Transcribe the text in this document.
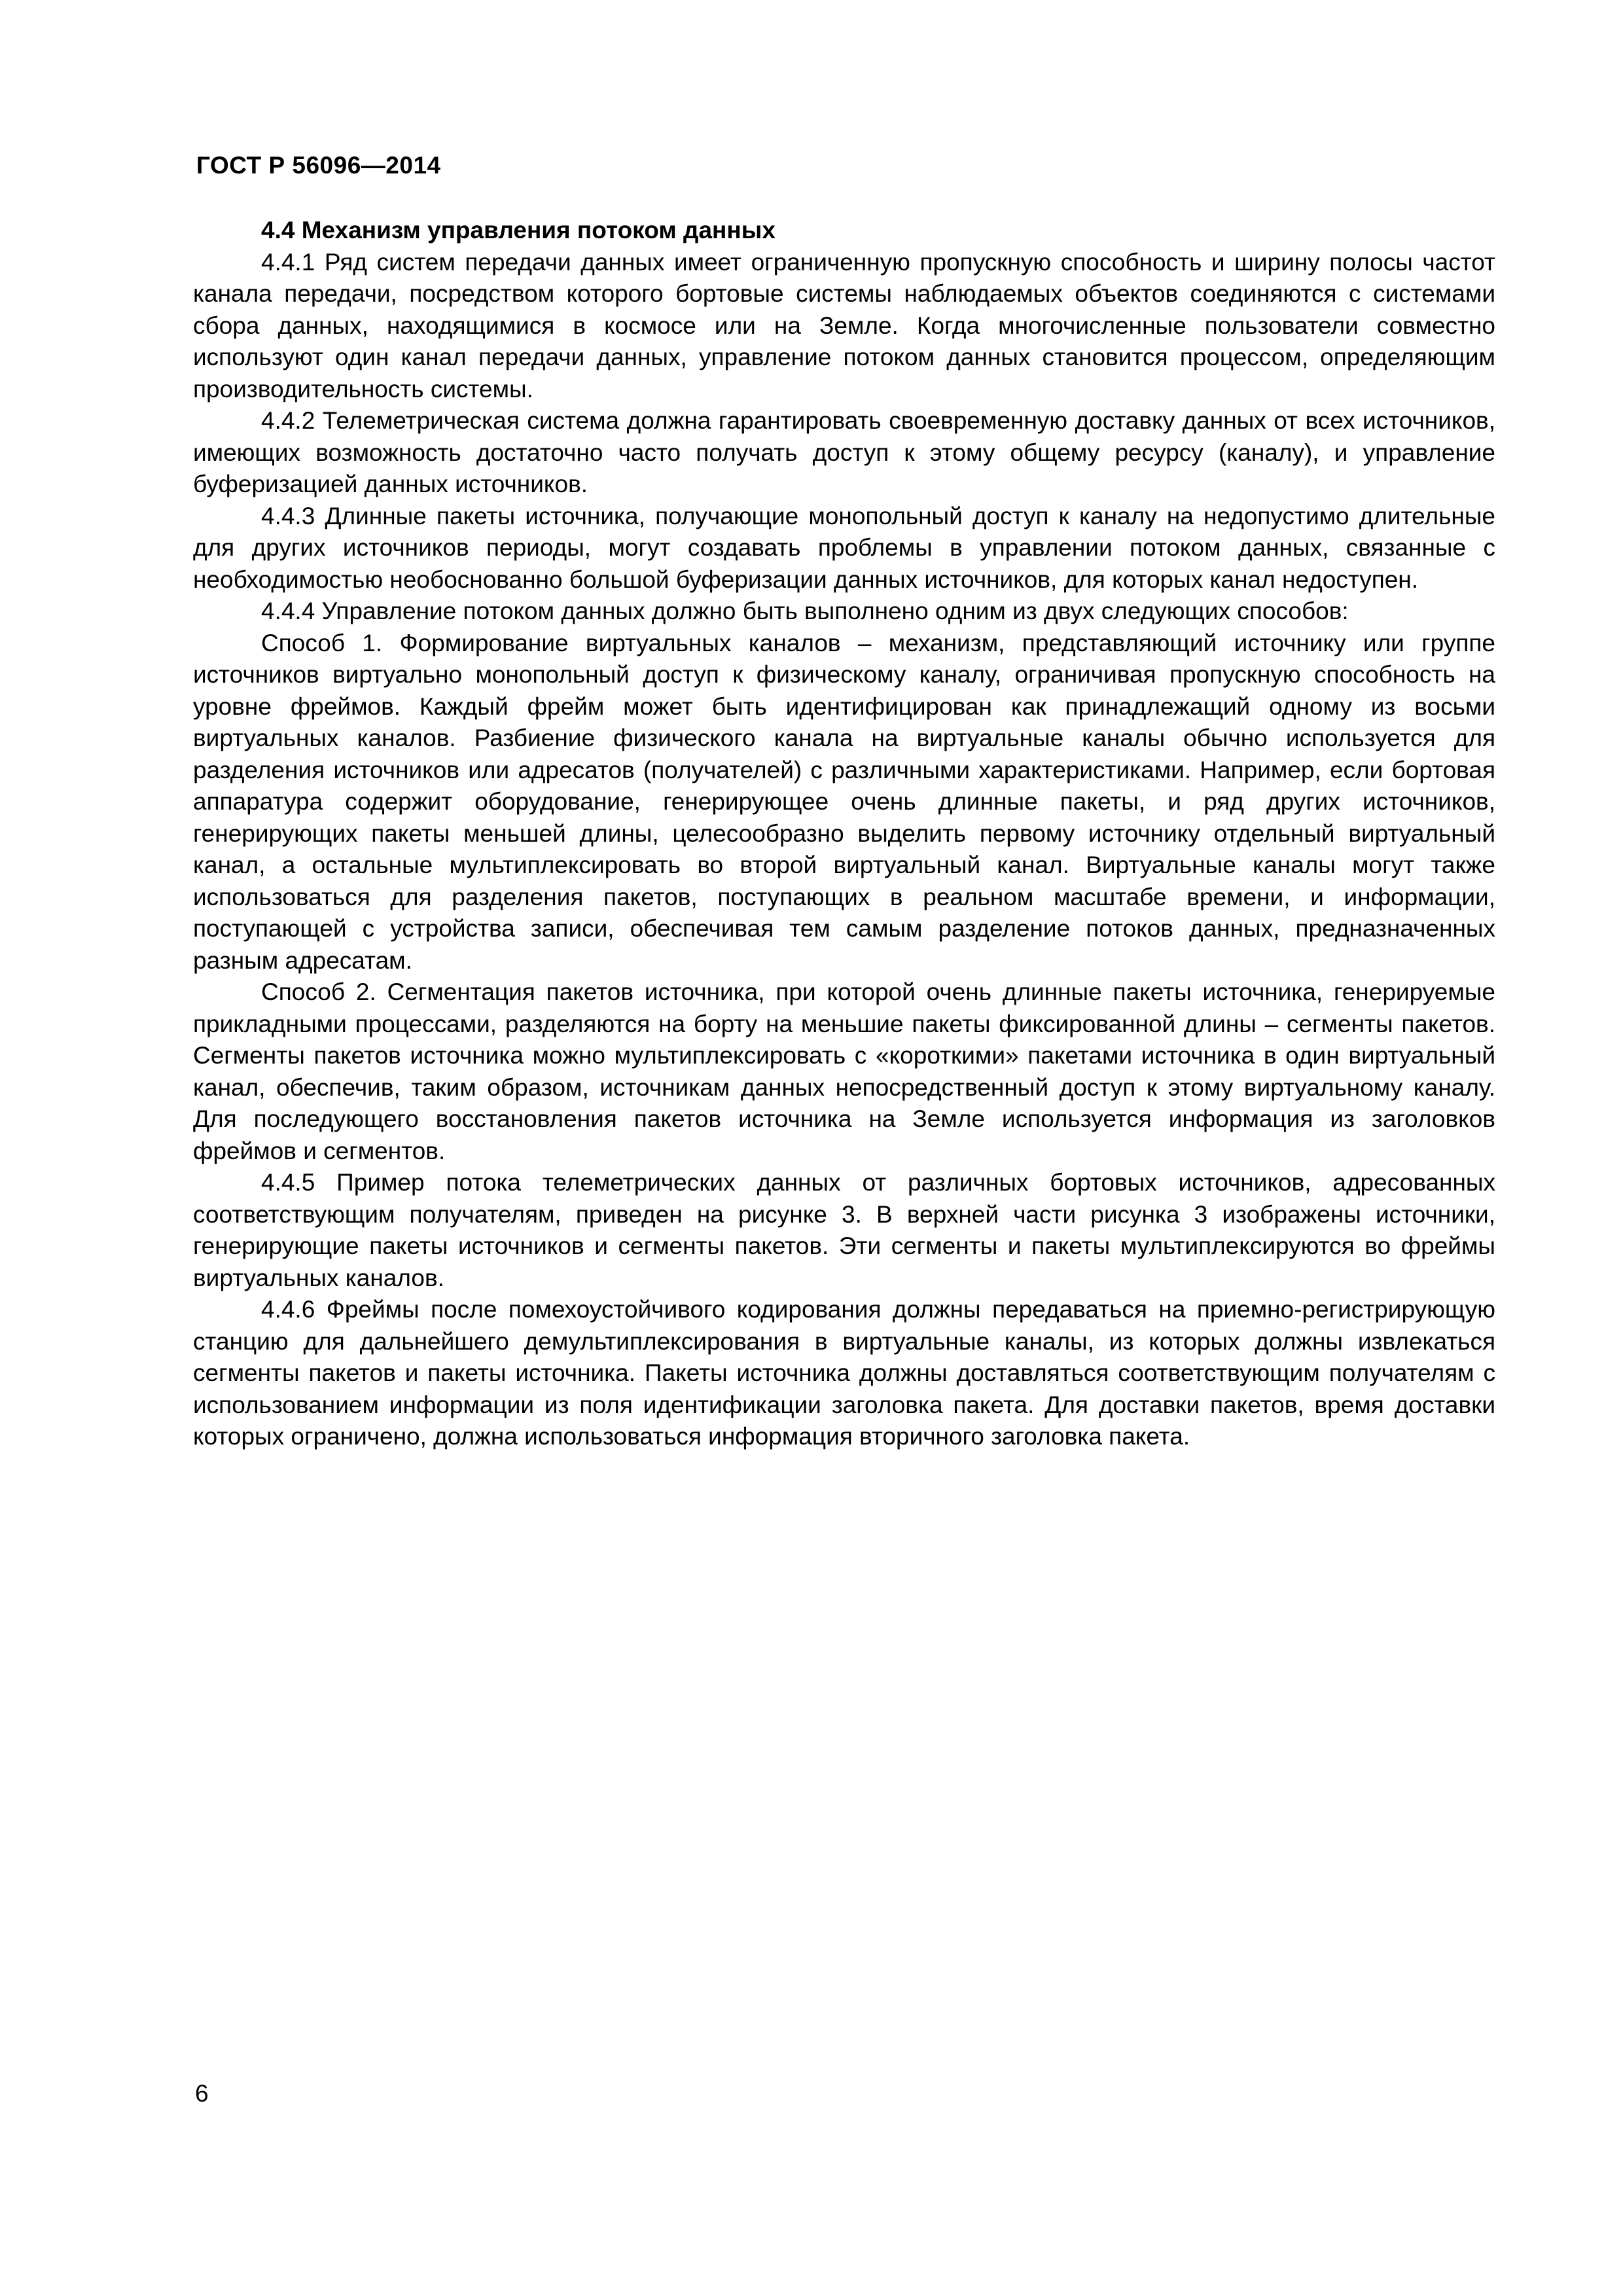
ГОСТ Р 56096—2014
4.4 Механизм управления потоком данных

4.4.1 Ряд систем передачи данных имеет ограниченную пропускную способность и ширину полосы частот канала передачи, посредством которого бортовые системы наблюдаемых объектов соединяются с системами сбора данных, находящимися в космосе или на Земле. Когда многочисленные пользователи совместно используют один канал передачи данных, управление потоком данных становится процессом, определяющим производительность системы.

4.4.2 Телеметрическая система должна гарантировать своевременную доставку данных от всех источников, имеющих возможность достаточно часто получать доступ к этому общему ресурсу (каналу), и управление буферизацией данных источников.

4.4.3 Длинные пакеты источника, получающие монопольный доступ к каналу на недопустимо длительные для других источников периоды, могут создавать проблемы в управлении потоком данных, связанные с необходимостью необоснованно большой буферизации данных источников, для которых канал недоступен.

4.4.4 Управление потоком данных должно быть выполнено одним из двух следующих способов:

Способ 1. Формирование виртуальных каналов – механизм, представляющий источнику или группе источников виртуально монопольный доступ к физическому каналу, ограничивая пропускную способность на уровне фреймов. Каждый фрейм может быть идентифицирован как принадлежащий одному из восьми виртуальных каналов. Разбиение физического канала на виртуальные каналы обычно используется для разделения источников или адресатов (получателей) с различными характеристиками. Например, если бортовая аппаратура содержит оборудование, генерирующее очень длинные пакеты, и ряд других источников, генерирующих пакеты меньшей длины, целесообразно выделить первому источнику отдельный виртуальный канал, а остальные мультиплексировать во второй виртуальный канал. Виртуальные каналы могут также использоваться для разделения пакетов, поступающих в реальном масштабе времени, и информации, поступающей с устройства записи, обеспечивая тем самым разделение потоков данных, предназначенных разным адресатам.

Способ 2. Сегментация пакетов источника, при которой очень длинные пакеты источника, генерируемые прикладными процессами, разделяются на борту на меньшие пакеты фиксированной длины – сегменты пакетов. Сегменты пакетов источника можно мультиплексировать с «короткими» пакетами источника в один виртуальный канал, обеспечив, таким образом, источникам данных непосредственный доступ к этому виртуальному каналу. Для последующего восстановления пакетов источника на Земле используется информация из заголовков фреймов и сегментов.

4.4.5 Пример потока телеметрических данных от различных бортовых источников, адресованных соответствующим получателям, приведен на рисунке 3. В верхней части рисунка 3 изображены источники, генерирующие пакеты источников и сегменты пакетов. Эти сегменты и пакеты мультиплексируются во фреймы виртуальных каналов.

4.4.6 Фреймы после помехоустойчивого кодирования должны передаваться на приемно-регистрирующую станцию для дальнейшего демультиплексирования в виртуальные каналы, из которых должны извлекаться сегменты пакетов и пакеты источника. Пакеты источника должны доставляться соответствующим получателям с использованием информации из поля идентификации заголовка пакета. Для доставки пакетов, время доставки которых ограничено, должна использоваться информация вторичного заголовка пакета.

6
